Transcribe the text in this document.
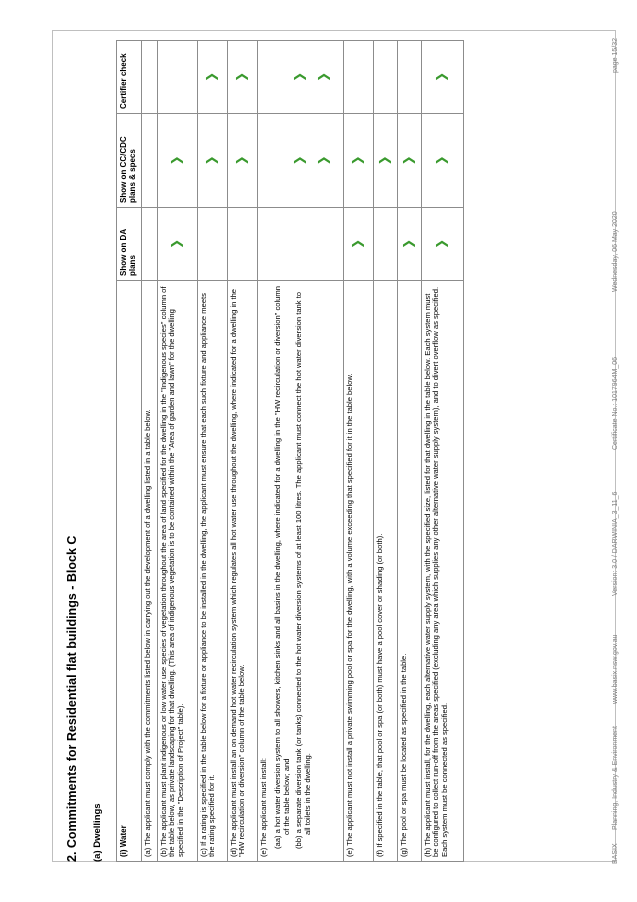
2. Commitments for Residential flat buildings - Block C (a) Dwellings (i) Water	Show on DA plans	Show on CC/CDC plans & specs	Certifier check
(a) The applicant must comply with the commitments listed below in carrying out the development of a dwelling listed in a table below.			
(b) The applicant must plant indigenous or low water use species of vegetation throughout the area of land specified for the dwelling in the "Indigenous species" column of the table below, as private landscaping for that dwelling. (This area of indigenous vegetation is to be contained within the "Area of garden and lawn" for the dwelling specified in the "Description of Project" table).	❯	❯	
(c) If a rating is specified in the table below for a fixture or appliance to be installed in the dwelling, the applicant must ensure that each such fixture and appliance meets the rating specified for it.		❯	❯
(d) The applicant must install an on demand hot water recirculation system which regulates all hot water use throughout the dwelling, where indicated for a dwelling in the "HW recirculation or diversion" column of the table below.		❯	❯
(e) The applicant must install: (aa) a hot water diversion system to all showers, kitchen sinks and all basins in the dwelling, where indicated for a dwelling in the "HW recirculation or diversion" column of the table below; and (bb) a separate diversion tank (or tanks) connected to the hot water diversion systems of at least 100 litres. The applicant must connect the hot water diversion tank to all toilets in the dwelling.		❯ ❯	❯ ❯

(e) The applicant must not install a private swimming pool or spa for the dwelling, with a volume exceeding that specified for it in the table below.	❯	❯	
(f) If specified in the table, that pool or spa (or both) must have a pool cover or shading (or both).		❯	
(g) The pool or spa must be located as specified in the table.	❯	❯	
(h) The applicant must install, for the dwelling, each alternative water supply system, with the specified size, listed for that dwelling in the table below. Each system must be configured to collect run-off from the areas specified (excluding any area which supplies any other alternative water supply system), and to divert overflow as specified. Each system must be connected as specified.	❯	❯	❯
BASIX
Planning, Industry & Environment
www.basix.nsw.gov.au
Version: 3.0 / DARWINIA_3_11_6
Certificate No.: 1017964M_06
Wednesday, 06 May 2020
page 15/32
